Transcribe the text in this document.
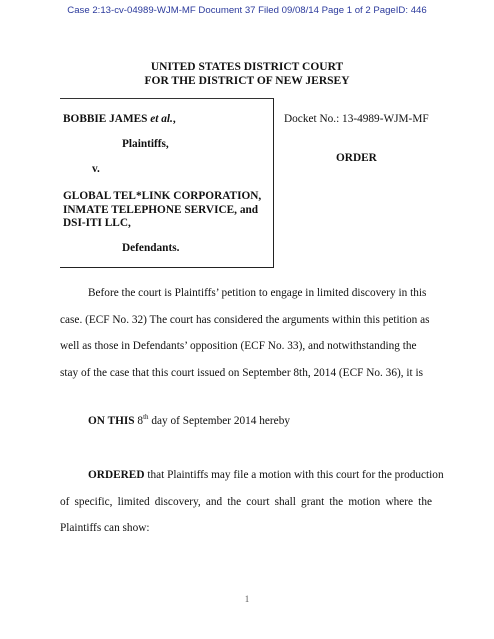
Case 2:13-cv-04989-WJM-MF Document 37 Filed 09/08/14 Page 1 of 2 PageID: 446
UNITED STATES DISTRICT COURT
FOR THE DISTRICT OF NEW JERSEY
BOBBIE JAMES et al.,
Plaintiffs,
v.
GLOBAL TEL*LINK CORPORATION,
INMATE TELEPHONE SERVICE, and
DSI-ITI LLC,
Defendants.
Docket No.: 13-4989-WJM-MF
ORDER
Before the court is Plaintiffs’ petition to engage in limited discovery in this
case. (ECF No. 32) The court has considered the arguments within this petition as
well as those in Defendants’ opposition (ECF No. 33), and notwithstanding the
stay of the case that this court issued on September 8th, 2014 (ECF No. 36), it is
ON THIS 8th day of September 2014 hereby
ORDERED that Plaintiffs may file a motion with this court for the production
of specific, limited discovery, and the court shall grant the motion where the
Plaintiffs can show:
1
